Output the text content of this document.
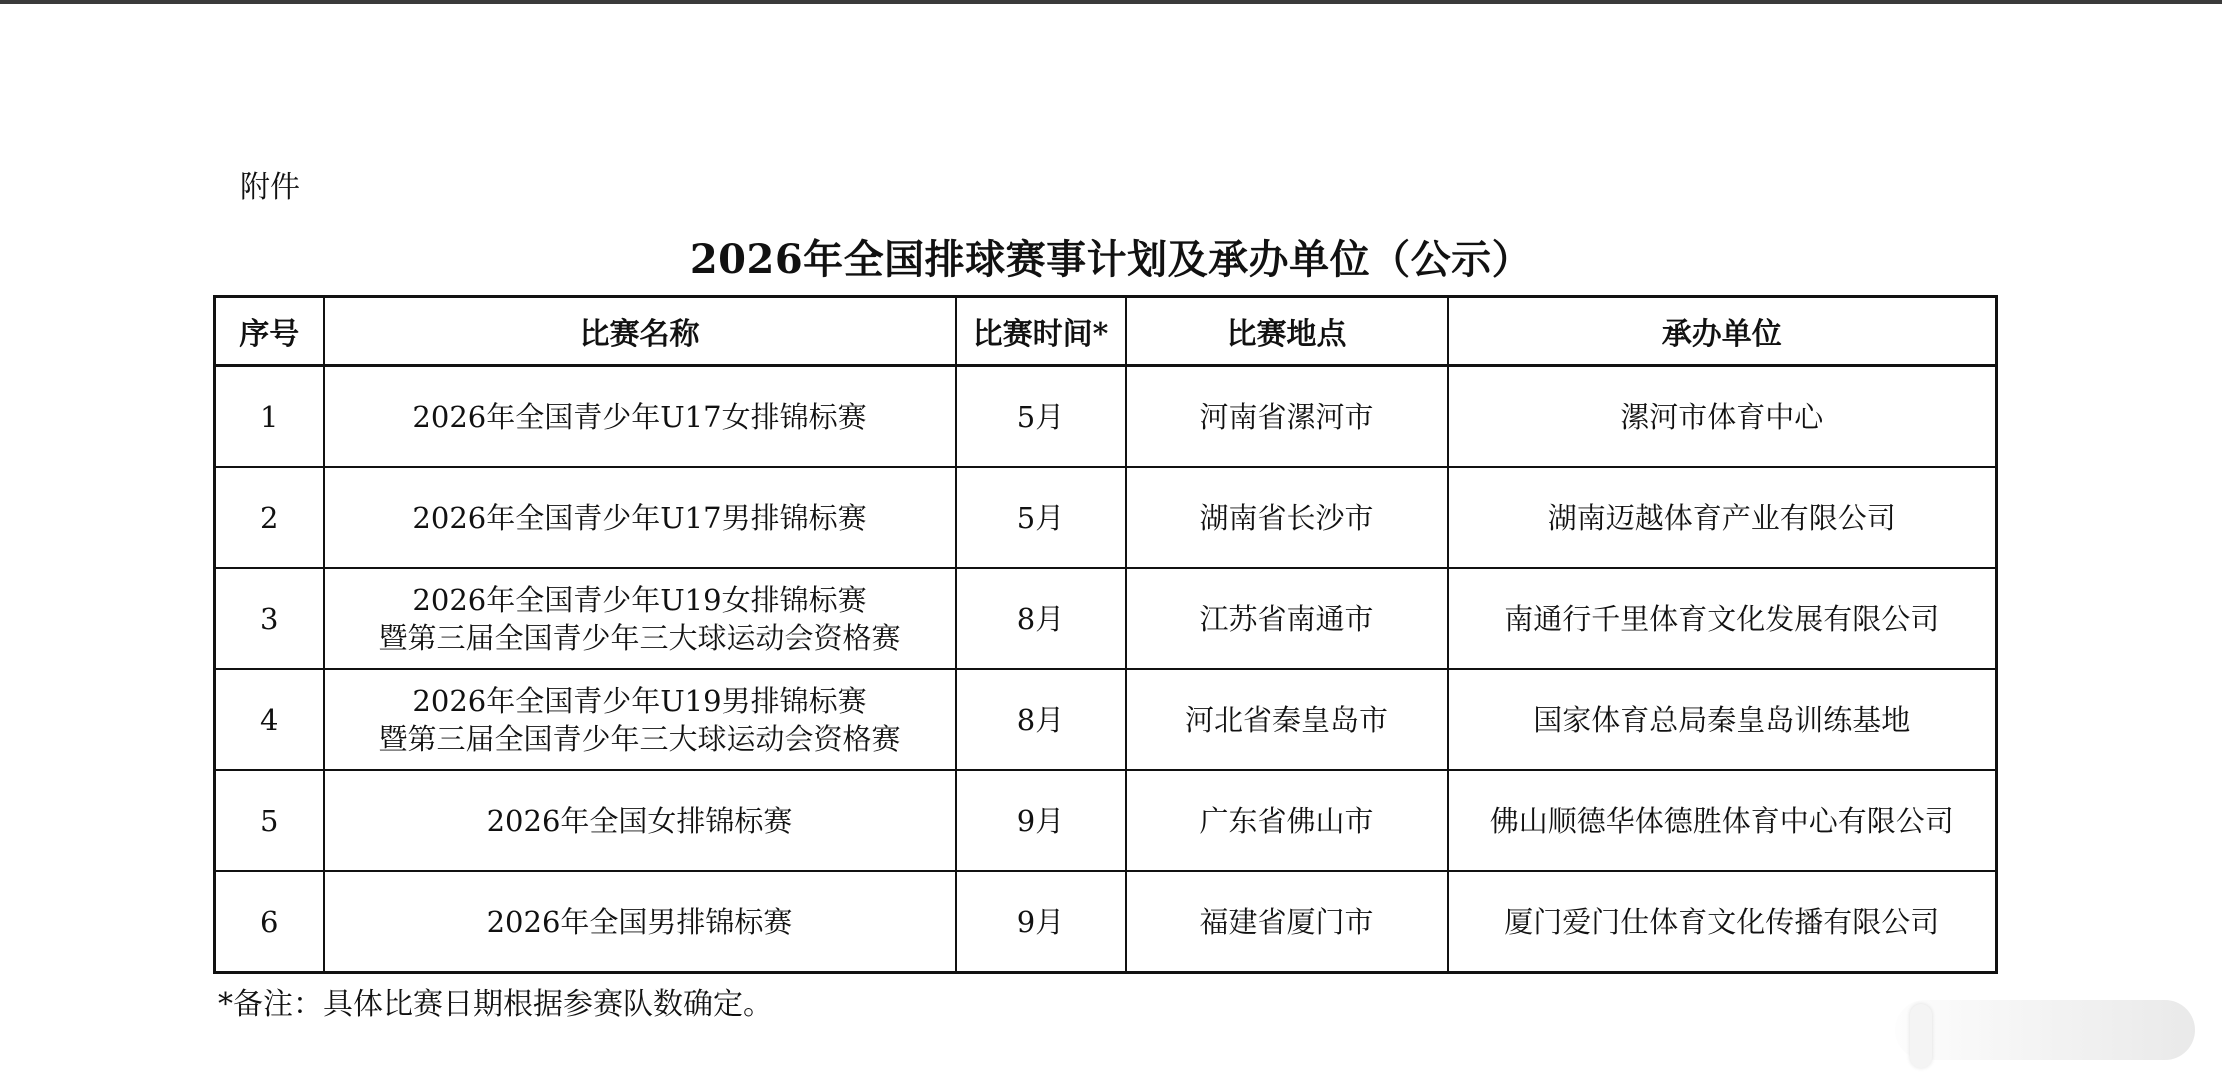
附件
2026年全国排球赛事计划及承办单位（公示）
序号	比赛名称	比赛时间*	比赛地点	承办单位
1	2026年全国青少年U17女排锦标赛	5月	河南省漯河市	漯河市体育中心
2	2026年全国青少年U17男排锦标赛	5月	湖南省长沙市	湖南迈越体育产业有限公司
3	2026年全国青少年U19女排锦标赛
暨第三届全国青少年三大球运动会资格赛	8月	江苏省南通市	南通行千里体育文化发展有限公司
4	2026年全国青少年U19男排锦标赛
暨第三届全国青少年三大球运动会资格赛	8月	河北省秦皇岛市	国家体育总局秦皇岛训练基地
5	2026年全国女排锦标赛	9月	广东省佛山市	佛山顺德华体德胜体育中心有限公司
6	2026年全国男排锦标赛	9月	福建省厦门市	厦门爱门仕体育文化传播有限公司
*备注：具体比赛日期根据参赛队数确定。
